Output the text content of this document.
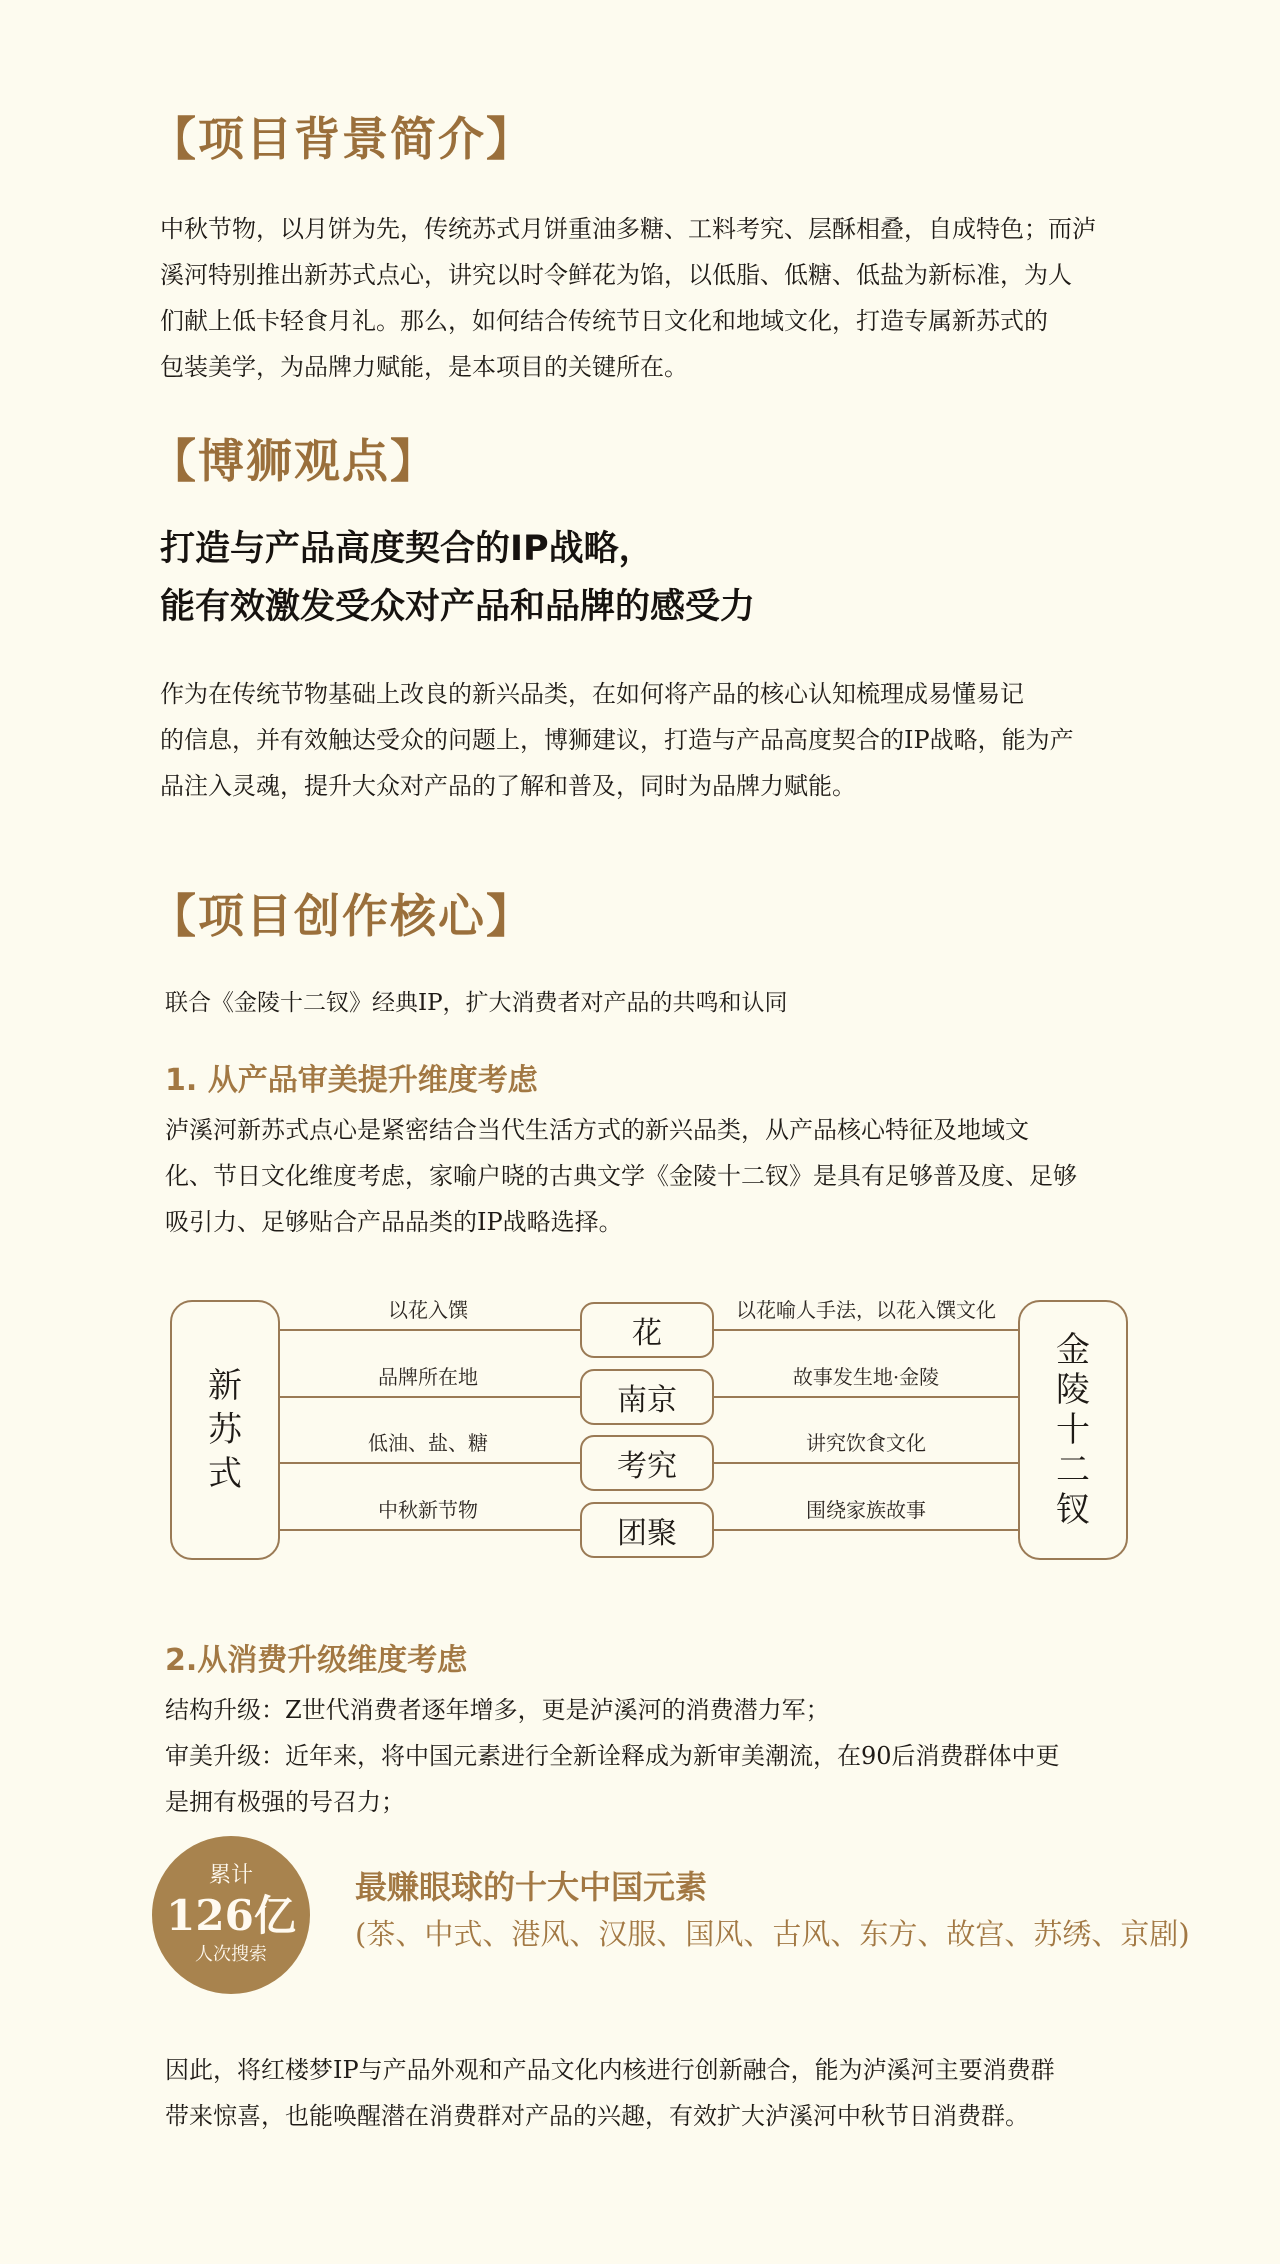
【项目背景简介】

中秋节物，以月饼为先，传统苏式月饼重油多糖、工料考究、层酥相叠，自成特色；而泸
溪河特别推出新苏式点心，讲究以时令鲜花为馅，以低脂、低糖、低盐为新标准，为人
们献上低卡轻食月礼。那么，如何结合传统节日文化和地域文化，打造专属新苏式的
包装美学，为品牌力赋能，是本项目的关键所在。

【博狮观点】
打造与产品高度契合的IP战略，
能有效激发受众对产品和品牌的感受力

作为在传统节物基础上改良的新兴品类，在如何将产品的核心认知梳理成易懂易记
的信息，并有效触达受众的问题上，博狮建议，打造与产品高度契合的IP战略，能为产
品注入灵魂，提升大众对产品的了解和普及，同时为品牌力赋能。

【项目创作核心】

联合《金陵十二钗》经典IP，扩大消费者对产品的共鸣和认同

1. 从产品审美提升维度考虑

泸溪河新苏式点心是紧密结合当代生活方式的新兴品类，从产品核心特征及地域文
化、节日文化维度考虑，家喻户晓的古典文学《金陵十二钗》是具有足够普及度、足够
吸引力、足够贴合产品品类的IP战略选择。

新
苏
式
金
陵
十
二
钗
花
南京
考究
团聚
以花入馔
品牌所在地
低油、盐、糖
中秋新节物
以花喻人手法，以花入馔文化
故事发生地·金陵
讲究饮食文化
围绕家族故事
2.从消费升级维度考虑

结构升级：Z世代消费者逐年增多，更是泸溪河的消费潜力军；
审美升级：近年来，将中国元素进行全新诠释成为新审美潮流，在90后消费群体中更
是拥有极强的号召力；

累计
126亿
人次搜索
最赚眼球的十大中国元素

(茶、中式、港风、汉服、国风、古风、东方、故宫、苏绣、京剧)

因此，将红楼梦IP与产品外观和产品文化内核进行创新融合，能为泸溪河主要消费群
带来惊喜，也能唤醒潜在消费群对产品的兴趣，有效扩大泸溪河中秋节日消费群。
